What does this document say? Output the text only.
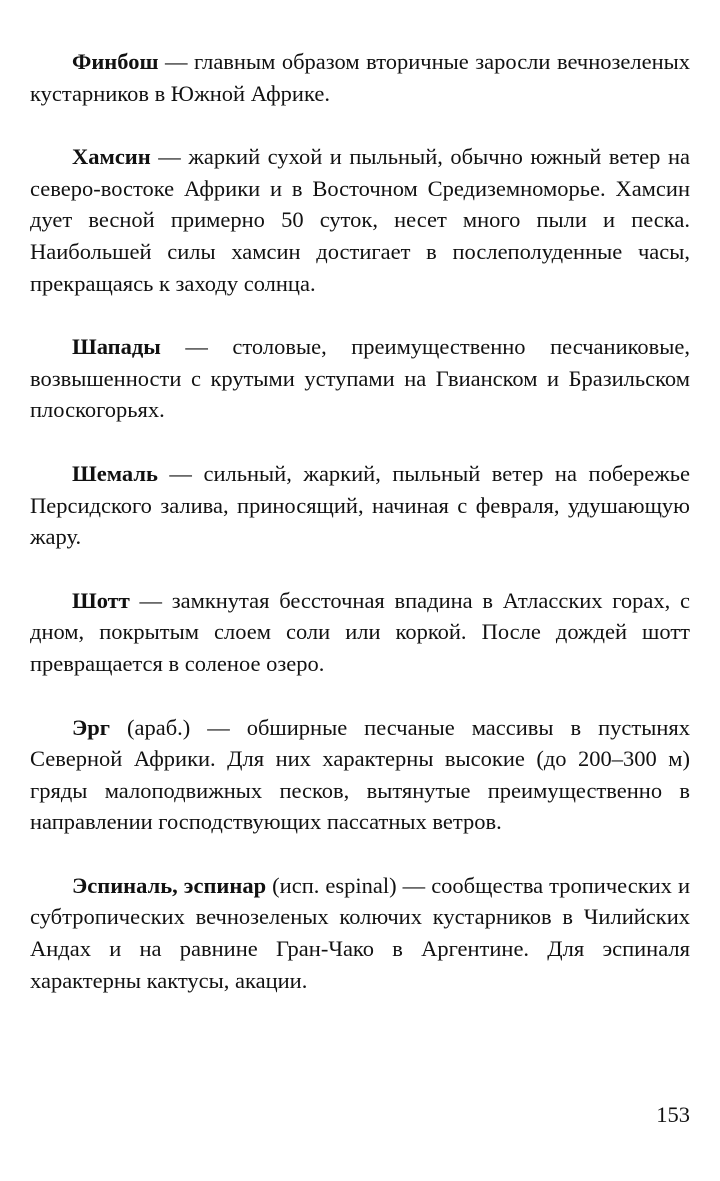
Финбош — главным образом вторичные заросли вечнозеленых кустарников в Южной Африке.

Хамсин — жаркий сухой и пыльный, обычно южный ветер на северо-востоке Африки и в Восточном Средиземноморье. Хамсин дует весной примерно 50 суток, несет много пыли и песка. Наибольшей силы хамсин достигает в послеполуденные часы, прекращаясь к заходу солнца.

Шапады — столовые, преимущественно песчаниковые, возвышенности с крутыми уступами на Гвианском и Бразильском плоскогорьях.

Шемаль — сильный, жаркий, пыльный ветер на побережье Персидского залива, приносящий, начиная с февраля, удушающую жару.

Шотт — замкнутая бессточная впадина в Атласских горах, с дном, покрытым слоем соли или коркой. После дождей шотт превращается в соленое озеро.

Эрг (араб.) — обширные песчаные массивы в пустынях Северной Африки. Для них характерны высокие (до 200–300 м) гряды малоподвижных песков, вытянутые преимущественно в направлении господствующих пассатных ветров.

Эспиналь, эспинар (исп. espinal) — сообщества тропических и субтропических вечнозеленых колючих кустарников в Чилийских Андах и на равнине Гран-Чако в Аргентине. Для эспиналя характерны кактусы, акации.

153
